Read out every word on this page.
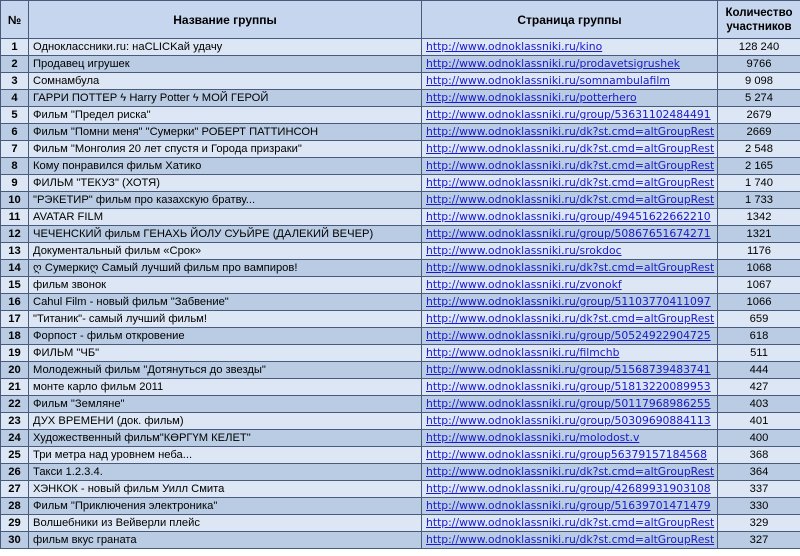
№	Название группы	Страница группы	Количество участников
1	Одноклассники.ru: наCLICKай удачу	http://www.odnoklassniki.ru/kino	128 240
2	Продавец игрушек	http://www.odnoklassniki.ru/prodavetsigrushek	9766
3	Сомнамбула	http://www.odnoklassniki.ru/somnambulafilm	9 098
4	ГАРРИ ПОТТЕР ϟ Harry Potter ϟ МОЙ ГЕРОЙ	http://www.odnoklassniki.ru/potterhero	5 274
5	Фильм "Предел риска"	http://www.odnoklassniki.ru/group/53631102484491	2679
6	Фильм "Помни меня" "Сумерки" РОБЕРТ ПАТТИНСОН	http://www.odnoklassniki.ru/dk?st.cmd=altGroupRest	2669
7	Фильм "Монголия 20 лет спустя и Города призраки"	http://www.odnoklassniki.ru/dk?st.cmd=altGroupRest	2 548
8	Кому понравился фильм Хатико	http://www.odnoklassniki.ru/dk?st.cmd=altGroupRest	2 165
9	ФИЛЬМ "ТЕКУЗ" (ХОТЯ)	http://www.odnoklassniki.ru/dk?st.cmd=altGroupRest	1 740
10	"РЭКЕТИР" фильм про казахскую братву...	http://www.odnoklassniki.ru/dk?st.cmd=altGroupRest	1 733
11	AVATAR FILM	http://www.odnoklassniki.ru/group/49451622662210	1342
12	ЧЕЧЕНСКИЙ фильм ГЕНАХЬ ЙОЛУ СУЬЙРЕ (ДАЛЕКИЙ ВЕЧЕР)	http://www.odnoklassniki.ru/group/50867651674271	1321
13	Документальный фильм «Срок»	http://www.odnoklassniki.ru/srokdoc	1176
14	ღ Сумеркиღ Самый лучший фильм про вампиров!	http://www.odnoklassniki.ru/dk?st.cmd=altGroupRest	1068
15	фильм звонок	http://www.odnoklassniki.ru/zvonokf	1067
16	Cahul Film - новый фильм "Забвение"	http://www.odnoklassniki.ru/group/51103770411097	1066
17	"Титаник"- самый лучший фильм!	http://www.odnoklassniki.ru/dk?st.cmd=altGroupRest	659
18	Форпост - фильм откровение	http://www.odnoklassniki.ru/group/50524922904725	618
19	ФИЛЬМ "ЧБ"	http://www.odnoklassniki.ru/filmchb	511
20	Молодежный фильм "Дотянуться до звезды"	http://www.odnoklassniki.ru/group/51568739483741	444
21	монте карло фильм 2011	http://www.odnoklassniki.ru/group/51813220089953	427
22	Фильм "Земляне"	http://www.odnoklassniki.ru/group/50117968986255	403
23	ДУХ ВРЕМЕНИ (док. фильм)	http://www.odnoklassniki.ru/group/50309690884113	401
24	Художественный фильм"КӨРГҮМ КЕЛЕТ"	http://www.odnoklassniki.ru/molodost.v	400
25	Три метра над уровнем неба...	http://www.odnoklassniki.ru/group56379157184568	368
26	Такси 1.2.3.4.	http://www.odnoklassniki.ru/dk?st.cmd=altGroupRest	364
27	ХЭНКОК - новый фильм Уилл Смита	http://www.odnoklassniki.ru/group/42689931903108	337
28	Фильм "Приключения электроника"	http://www.odnoklassniki.ru/group/51639701471479	330
29	Волшебники из Вейверли плейс	http://www.odnoklassniki.ru/dk?st.cmd=altGroupRest	329
30	фильм вкус граната	http://www.odnoklassniki.ru/dk?st.cmd=altGroupRest	327
